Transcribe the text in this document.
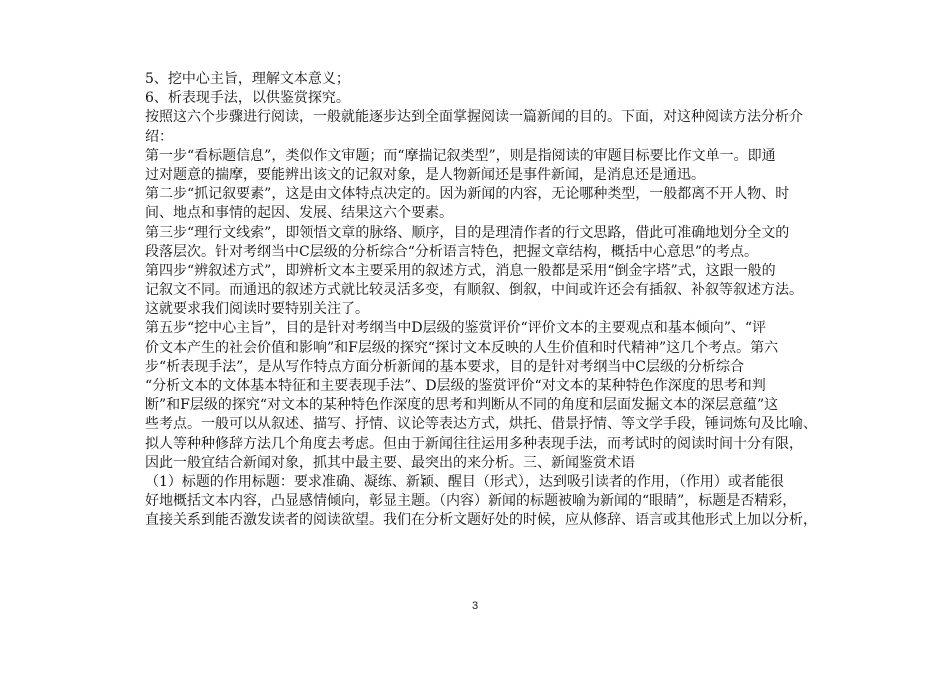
5、挖中心主旨，理解文本意义；
6、析表现手法，以供鉴赏探究。
按照这六个步骤进行阅读，一般就能逐步达到全面掌握阅读一篇新闻的目的。下面，对这种阅读方法分析介
绍：
第一步“看标题信息”，类似作文审题；而“摩揣记叙类型”，则是指阅读的审题目标要比作文单一。即通
过对题意的揣摩，要能辨出该文的记叙对象，是人物新闻还是事件新闻，是消息还是通迅。
第二步“抓记叙要素”，这是由文体特点决定的。因为新闻的内容，无论哪种类型，一般都离不开人物、时
间、地点和事情的起因、发展、结果这六个要素。
第三步“理行文线索”，即领悟文章的脉络、顺序，目的是理清作者的行文思路，借此可准确地划分全文的
段落层次。针对考纲当中C层级的分析综合“分析语言特色，把握文章结构，概括中心意思”的考点。
第四步“辨叙述方式”，即辨析文本主要采用的叙述方式，消息一般都是采用“倒金字塔”式，这跟一般的
记叙文不同。而通迅的叙述方式就比较灵活多变，有顺叙、倒叙，中间或许还会有插叙、补叙等叙述方法。
这就要求我们阅读时要特别关注了。
第五步“挖中心主旨”，目的是针对考纲当中D层级的鉴赏评价“评价文本的主要观点和基本倾向”、“评
价文本产生的社会价值和影响”和F层级的探究“探讨文本反映的人生价值和时代精神”这几个考点。第六
步“析表现手法”，是从写作特点方面分析新闻的基本要求，目的是针对考纲当中C层级的分析综合
“分析文本的文体基本特征和主要表现手法”、D层级的鉴赏评价“对文本的某种特色作深度的思考和判
断”和F层级的探究“对文本的某种特色作深度的思考和判断从不同的角度和层面发掘文本的深层意蕴”这
些考点。一般可以从叙述、描写、抒情、议论等表达方式，烘托、借景抒情、等文学手段，锤词炼句及比喻、
拟人等种种修辞方法几个角度去考虑。但由于新闻往往运用多种表现手法，而考试时的阅读时间十分有限，
因此一般宜结合新闻对象，抓其中最主要、最突出的来分析。三、新闻鉴赏术语
（1）标题的作用标题：要求准确、凝练、新颖、醒目（形式），达到吸引读者的作用，（作用）或者能很
好地概括文本内容，凸显感情倾向，彰显主题。（内容）新闻的标题被喻为新闻的“眼睛”，标题是否精彩，
直接关系到能否激发读者的阅读欲望。我们在分析文题好处的时候，应从修辞、语言或其他形式上加以分析，
3
